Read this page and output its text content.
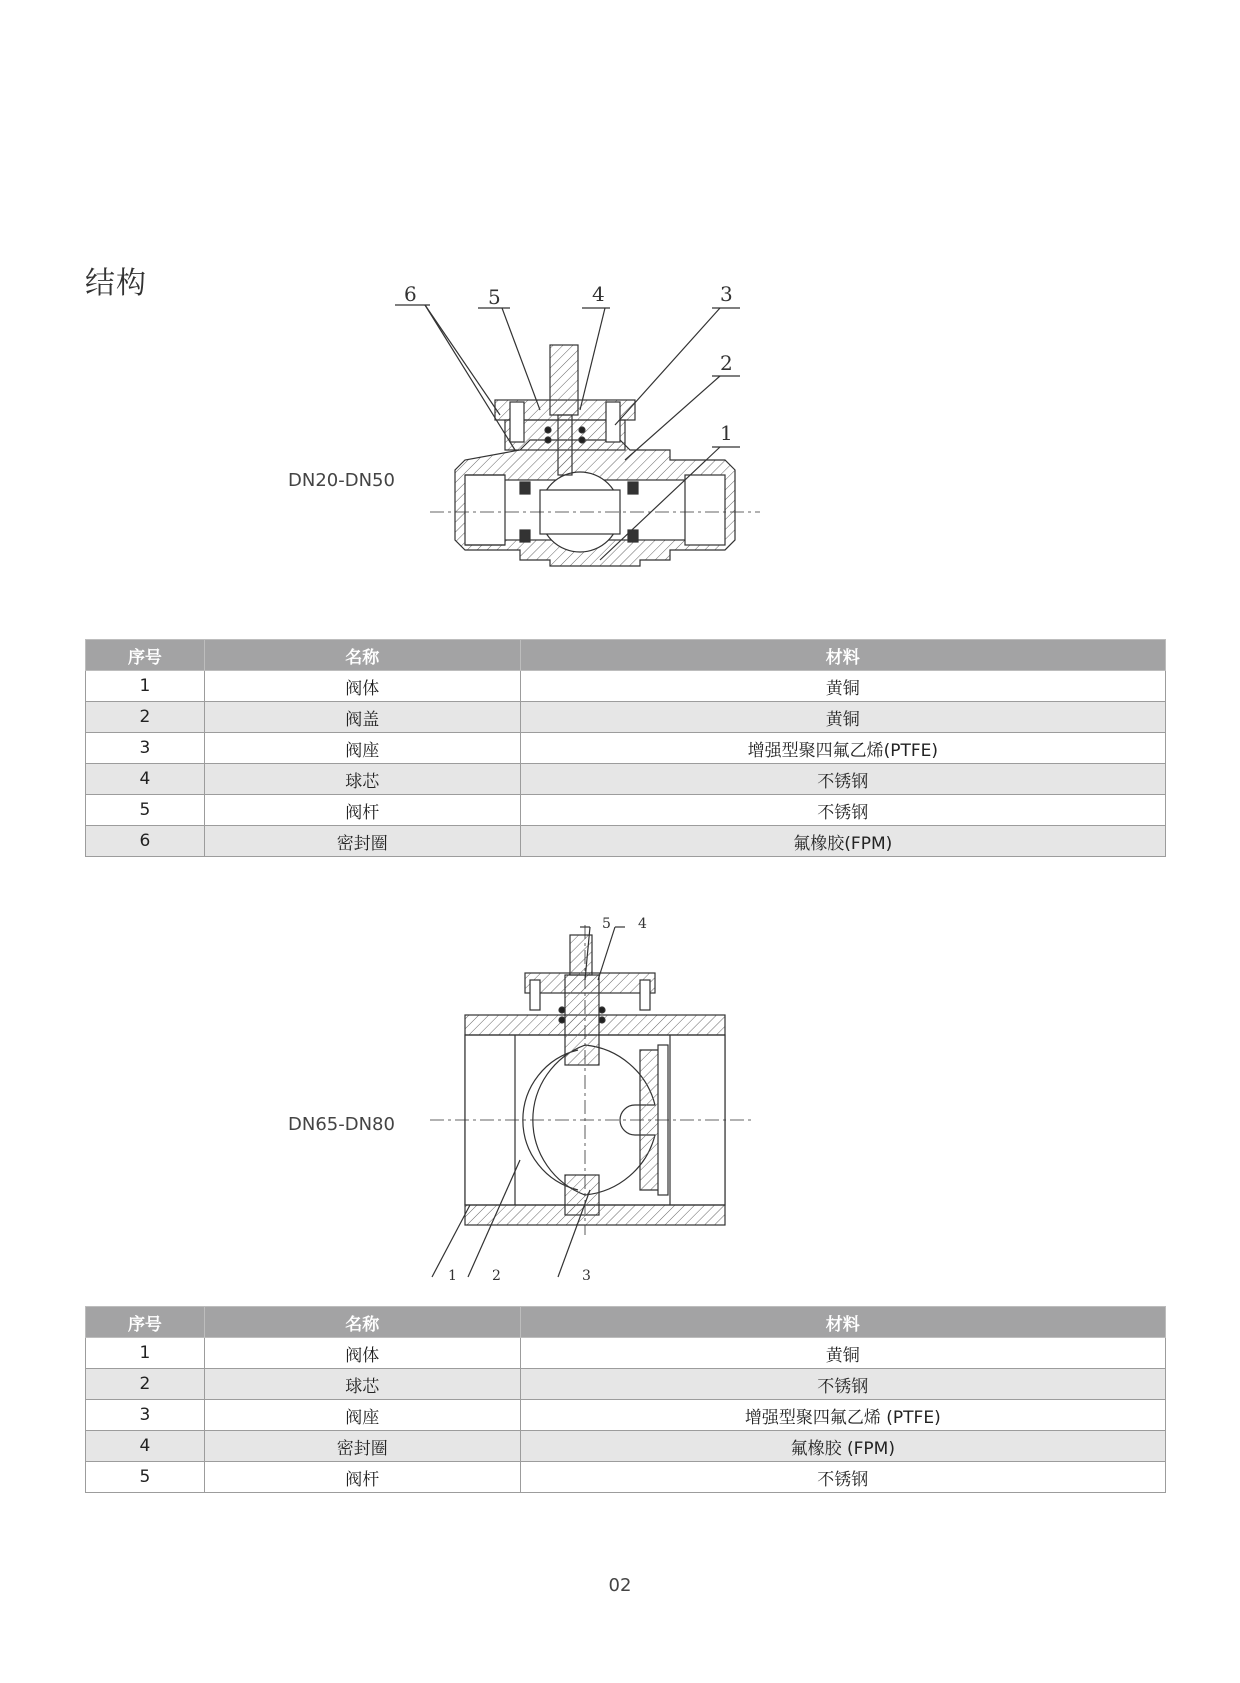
结构	6	5	4	3
2
1
DN20-DN50
序号	名称	材料
1	阀体	黄铜
2	阀盖	黄铜
3	阀座	增强型聚四氟乙烯(PTFE)
4	球芯	不锈钢
5	阀杆	不锈钢
6	密封圈	氟橡胶(FPM)
5 4
1	2	3
DN65-DN80
序号	名称	材料
1	阀体	黄铜
2	球芯	不锈钢
3	阀座	增强型聚四氟乙烯 (PTFE)
4	密封圈	氟橡胶 (FPM)
5	阀杆	不锈钢
02
